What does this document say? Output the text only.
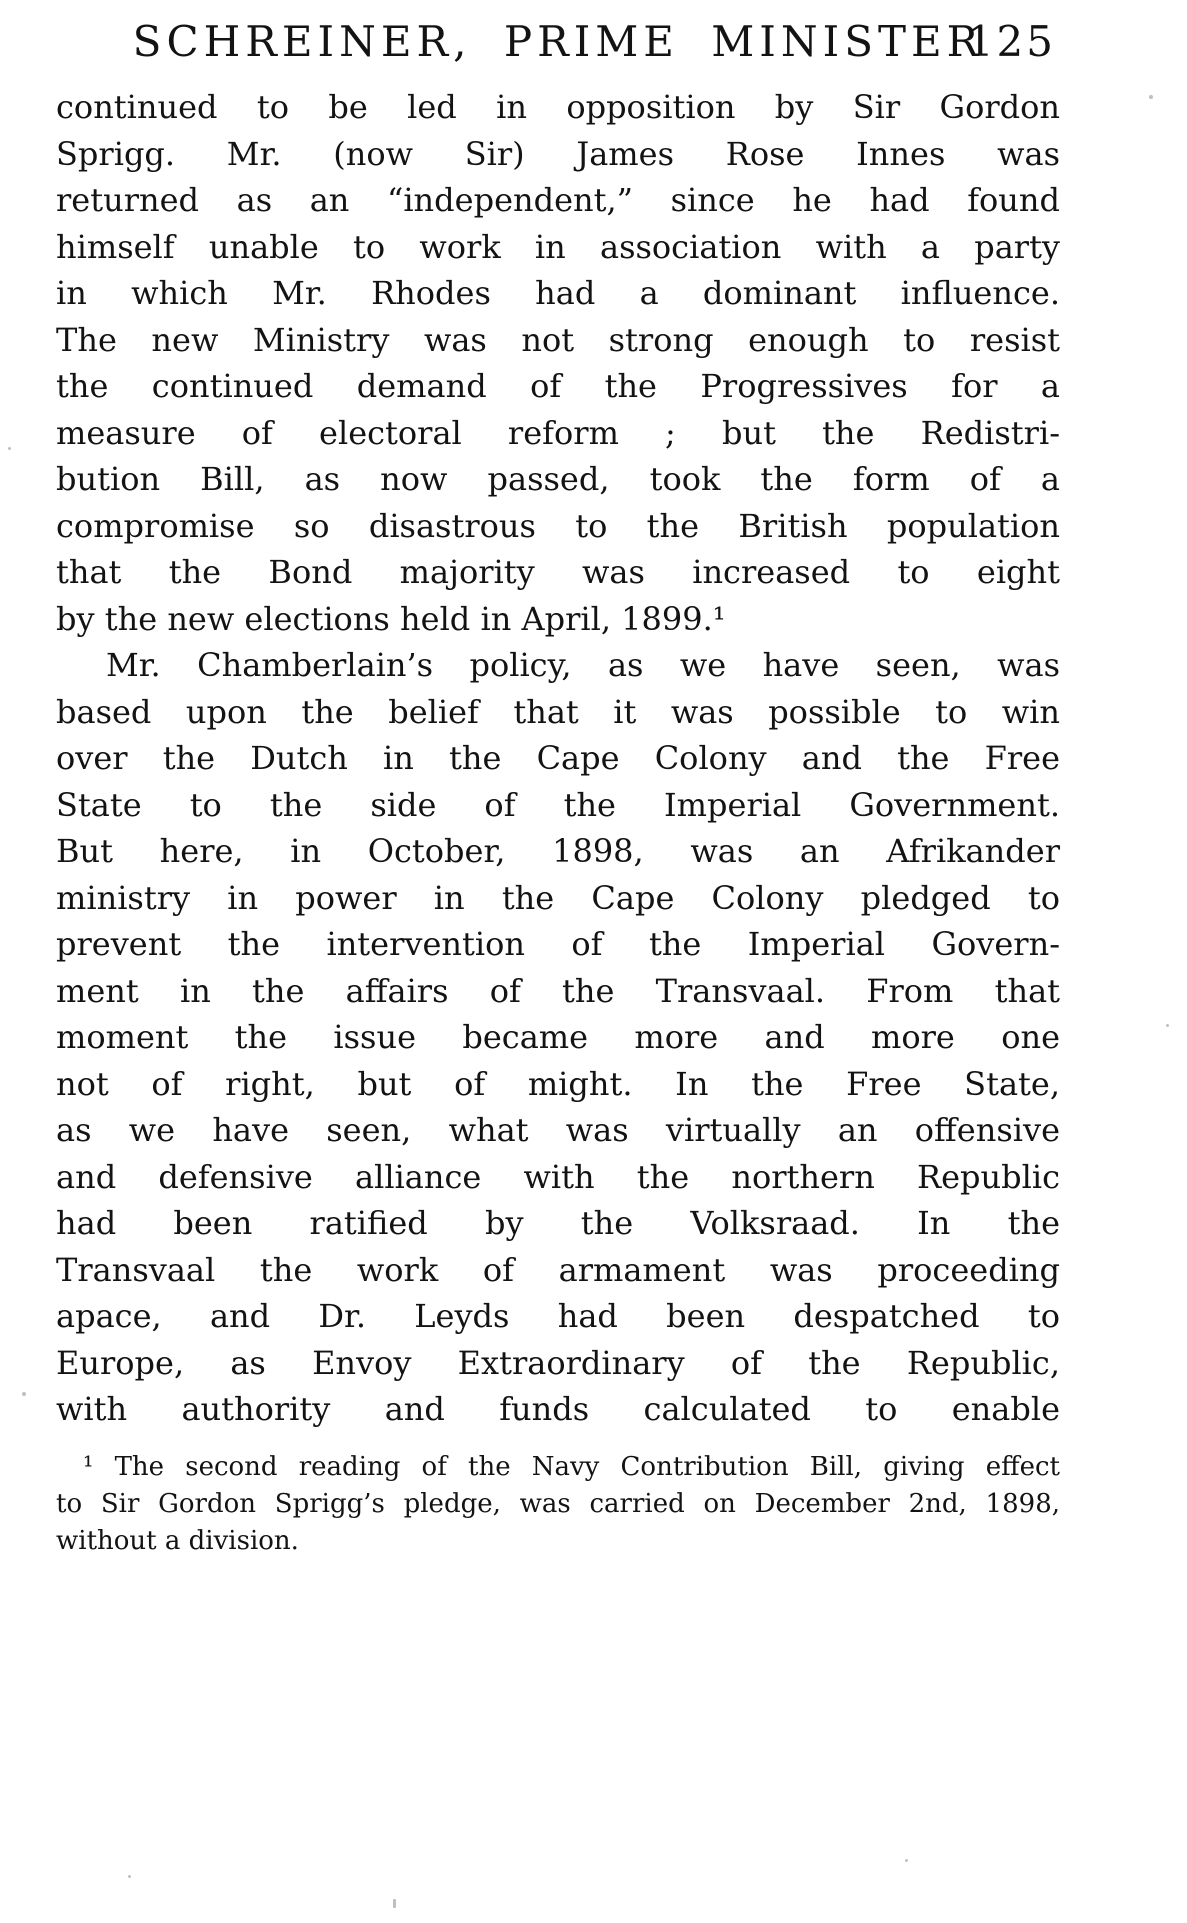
SCHREINER, PRIME MINISTER
125
continued to be led in opposition by Sir Gordon
Sprigg. Mr. (now Sir) James Rose Innes was
returned as an “independent,” since he had found
himself unable to work in association with a party
in which Mr. Rhodes had a dominant influence.
The new Ministry was not strong enough to resist
the continued demand of the Progressives for a
measure of electoral reform ; but the Redistri-
bution Bill, as now passed, took the form of a
compromise so disastrous to the British population
that the Bond majority was increased to eight
by the new elections held in April, 1899.¹
Mr. Chamberlain’s policy, as we have seen, was
based upon the belief that it was possible to win
over the Dutch in the Cape Colony and the Free
State to the side of the Imperial Government.
But here, in October, 1898, was an Afrikander
ministry in power in the Cape Colony pledged to
prevent the intervention of the Imperial Govern-
ment in the affairs of the Transvaal. From that
moment the issue became more and more one
not of right, but of might. In the Free State,
as we have seen, what was virtually an offensive
and defensive alliance with the northern Republic
had been ratified by the Volksraad. In the
Transvaal the work of armament was proceeding
apace, and Dr. Leyds had been despatched to
Europe, as Envoy Extraordinary of the Republic,
with authority and funds calculated to enable
¹ The second reading of the Navy Contribution Bill, giving effect
to Sir Gordon Sprigg’s pledge, was carried on December 2nd, 1898,
without a division.
